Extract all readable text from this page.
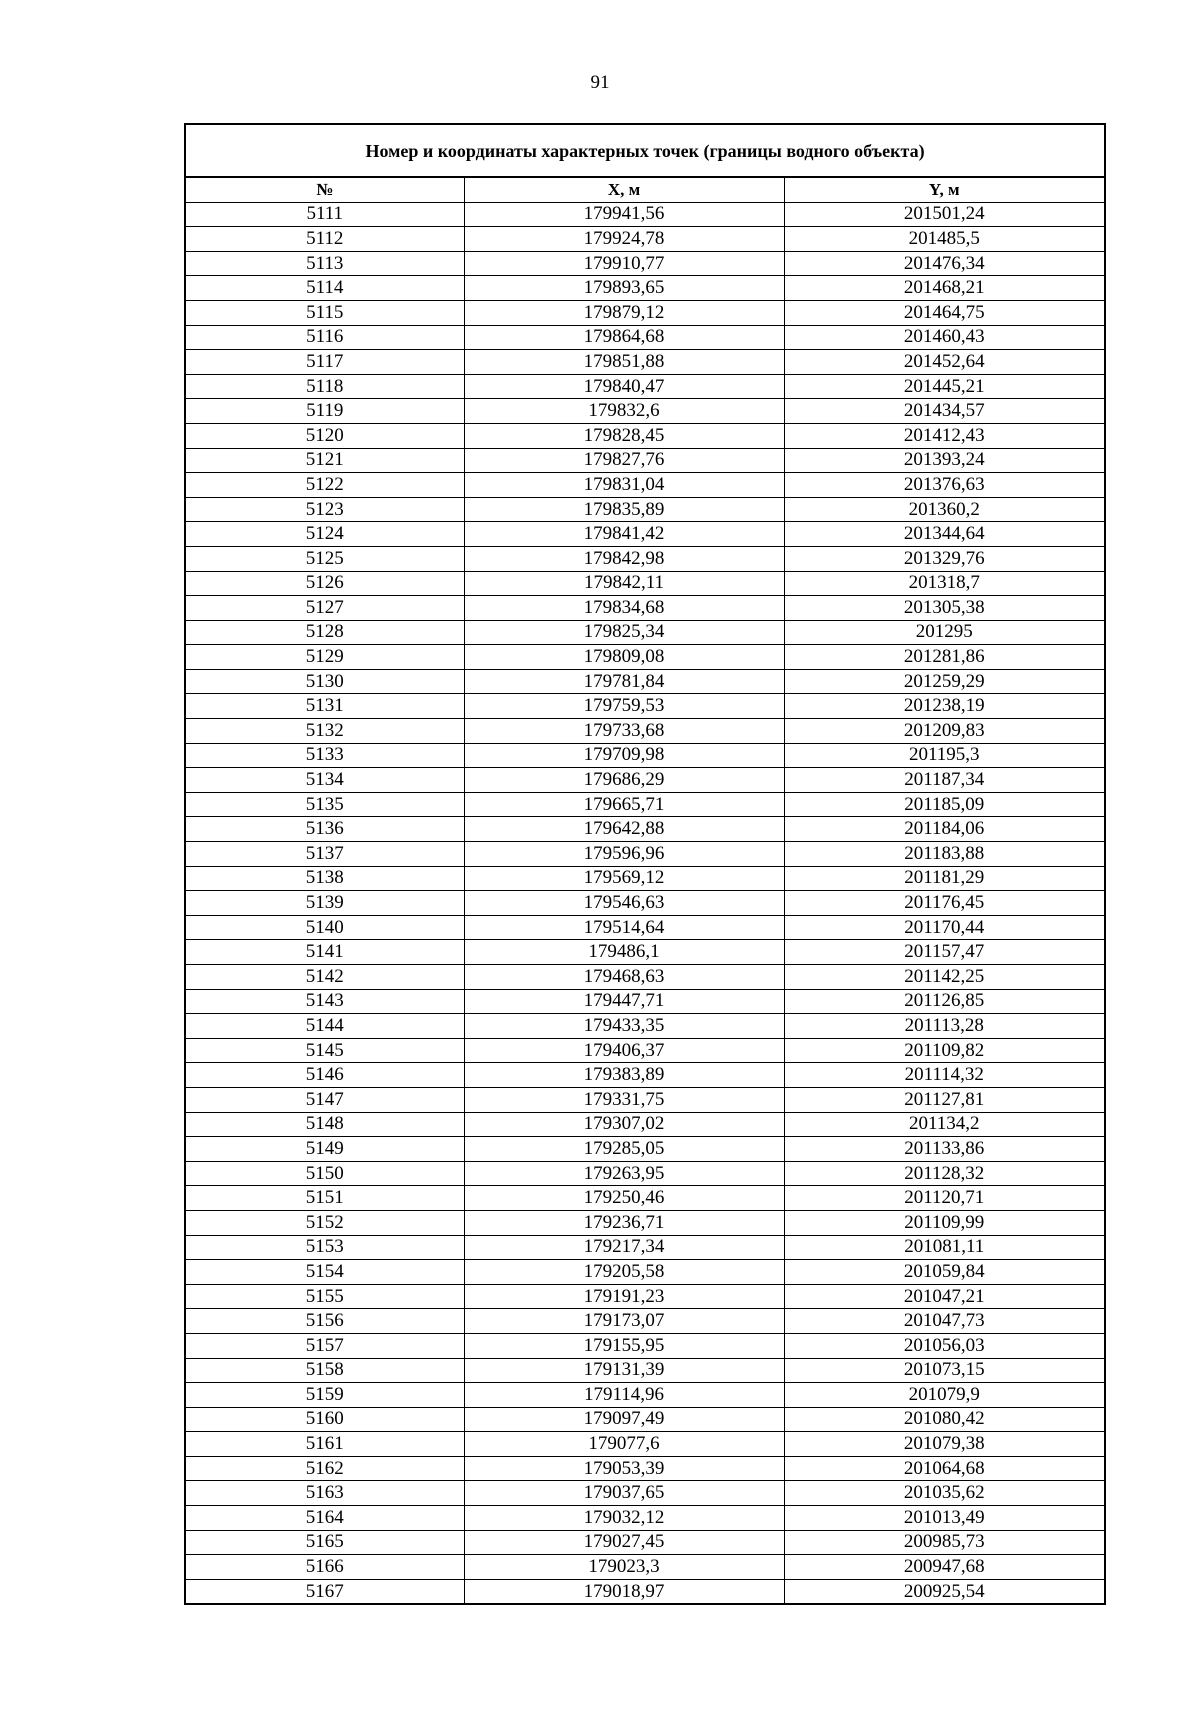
91
Номер и координаты характерных точек (границы водного объекта)
№	X, м	Y, м
5111	179941,56	201501,24
5112	179924,78	201485,5
5113	179910,77	201476,34
5114	179893,65	201468,21
5115	179879,12	201464,75
5116	179864,68	201460,43
5117	179851,88	201452,64
5118	179840,47	201445,21
5119	179832,6	201434,57
5120	179828,45	201412,43
5121	179827,76	201393,24
5122	179831,04	201376,63
5123	179835,89	201360,2
5124	179841,42	201344,64
5125	179842,98	201329,76
5126	179842,11	201318,7
5127	179834,68	201305,38
5128	179825,34	201295
5129	179809,08	201281,86
5130	179781,84	201259,29
5131	179759,53	201238,19
5132	179733,68	201209,83
5133	179709,98	201195,3
5134	179686,29	201187,34
5135	179665,71	201185,09
5136	179642,88	201184,06
5137	179596,96	201183,88
5138	179569,12	201181,29
5139	179546,63	201176,45
5140	179514,64	201170,44
5141	179486,1	201157,47
5142	179468,63	201142,25
5143	179447,71	201126,85
5144	179433,35	201113,28
5145	179406,37	201109,82
5146	179383,89	201114,32
5147	179331,75	201127,81
5148	179307,02	201134,2
5149	179285,05	201133,86
5150	179263,95	201128,32
5151	179250,46	201120,71
5152	179236,71	201109,99
5153	179217,34	201081,11
5154	179205,58	201059,84
5155	179191,23	201047,21
5156	179173,07	201047,73
5157	179155,95	201056,03
5158	179131,39	201073,15
5159	179114,96	201079,9
5160	179097,49	201080,42
5161	179077,6	201079,38
5162	179053,39	201064,68
5163	179037,65	201035,62
5164	179032,12	201013,49
5165	179027,45	200985,73
5166	179023,3	200947,68
5167	179018,97	200925,54
